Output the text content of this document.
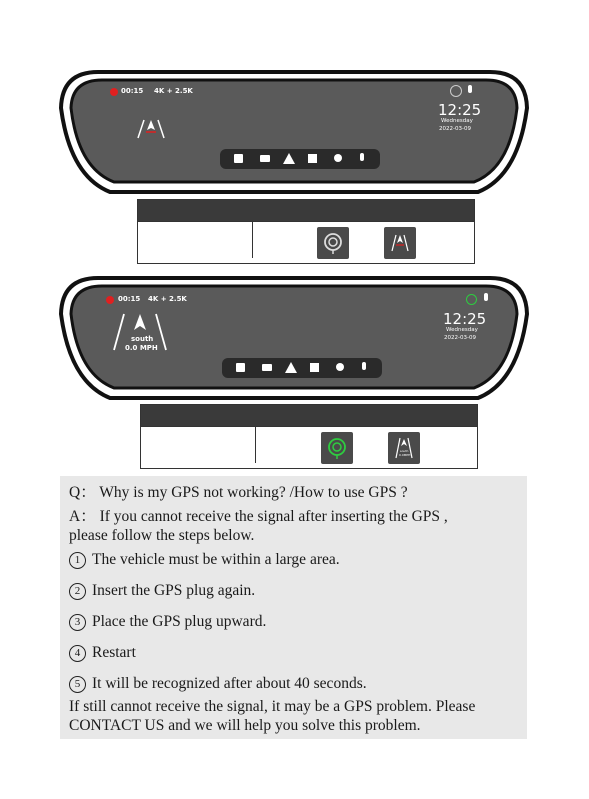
00:15 4K + 2.5K
12:25
Wednesday
2022-03-09
00:15 4K + 2.5K
south
0.0 MPH
12:25
Wednesday
2022-03-09
south
0.0MPH

Q： Why is my GPS not working? /How to use GPS ?

A： If you cannot receive the signal after inserting the GPS ,

please follow the steps below.

1 The vehicle must be within a large area.

2 Insert the GPS plug again.

3 Place the GPS plug upward.

4 Restart

5 It will be recognized after about 40 seconds.

If still cannot receive the signal, it may be a GPS problem. Please

CONTACT US and we will help you solve this problem.
